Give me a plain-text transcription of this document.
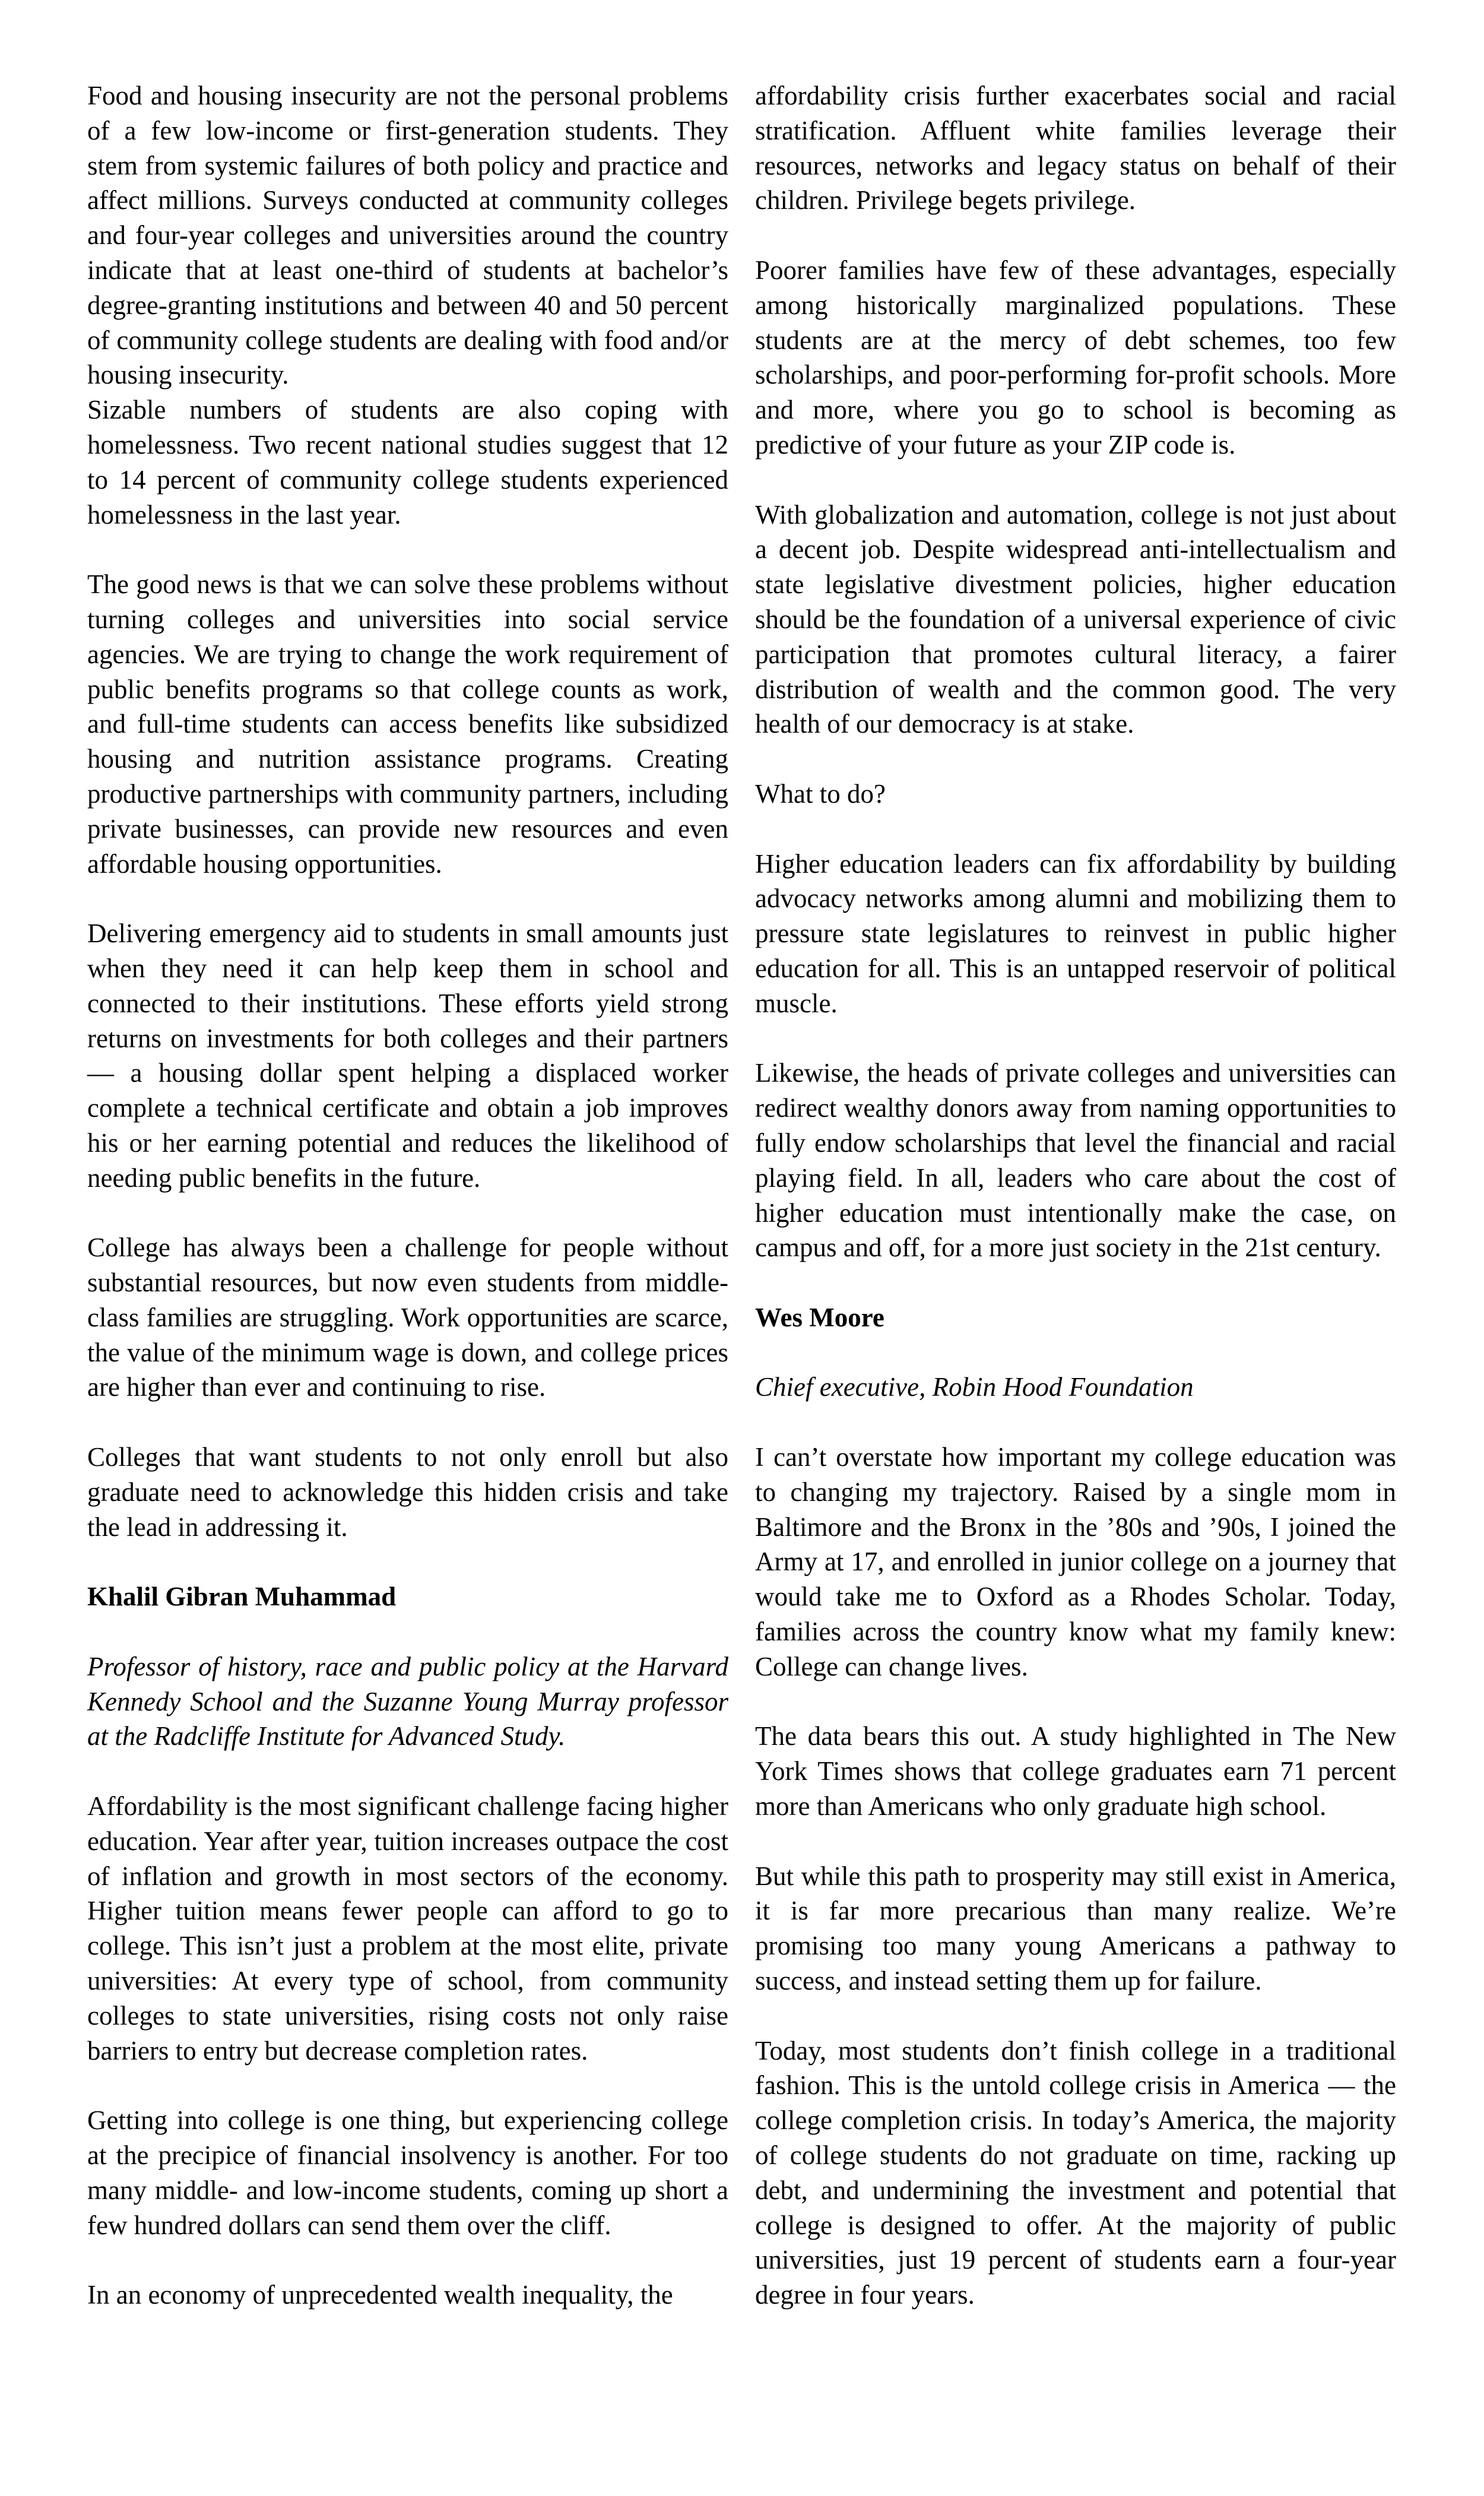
Food and housing insecurity are not the personal problems of a few low-income or first-generation students. They stem from systemic failures of both policy and practice and affect millions. Surveys conducted at community colleges and four-year colleges and universities around the country indicate that at least one-third of students at bachelor’s degree-granting institutions and between 40 and 50 percent of community college students are dealing with food and/or housing insecurity.

Sizable numbers of students are also coping with homelessness. Two recent national studies suggest that 12 to 14 percent of community college students experienced homelessness in the last year.

The good news is that we can solve these problems without turning colleges and universities into social service agencies. We are trying to change the work requirement of public benefits programs so that college counts as work, and full-time students can access benefits like subsidized housing and nutrition assistance programs. Creating productive partnerships with community partners, including private businesses, can provide new resources and even affordable housing opportunities.

Delivering emergency aid to students in small amounts just when they need it can help keep them in school and connected to their institutions. These efforts yield strong returns on investments for both colleges and their partners — a housing dollar spent helping a displaced worker complete a technical certificate and obtain a job improves his or her earning potential and reduces the likelihood of needing public benefits in the future.

College has always been a challenge for people without substantial resources, but now even students from middle-class families are struggling. Work opportunities are scarce, the value of the minimum wage is down, and college prices are higher than ever and continuing to rise.

Colleges that want students to not only enroll but also graduate need to acknowledge this hidden crisis and take the lead in addressing it.

Khalil Gibran Muhammad

Professor of history, race and public policy at the Harvard Kennedy School and the Suzanne Young Murray professor at the Radcliffe Institute for Advanced Study.

Affordability is the most significant challenge facing higher education. Year after year, tuition increases outpace the cost of inflation and growth in most sectors of the economy. Higher tuition means fewer people can afford to go to college. This isn’t just a problem at the most elite, private universities: At every type of school, from community colleges to state universities, rising costs not only raise barriers to entry but decrease completion rates.

Getting into college is one thing, but experiencing college at the precipice of financial insolvency is another. For too many middle- and low-income students, coming up short a few hundred dollars can send them over the cliff.

In an economy of unprecedented wealth inequality, the

affordability crisis further exacerbates social and racial stratification. Affluent white families leverage their resources, networks and legacy status on behalf of their children. Privilege begets privilege.

Poorer families have few of these advantages, especially among historically marginalized populations. These students are at the mercy of debt schemes, too few scholarships, and poor-performing for-profit schools. More and more, where you go to school is becoming as predictive of your future as your ZIP code is.

With globalization and automation, college is not just about a decent job. Despite widespread anti-intellectualism and state legislative divestment policies, higher education should be the foundation of a universal experience of civic participation that promotes cultural literacy, a fairer distribution of wealth and the common good. The very health of our democracy is at stake.

What to do?

Higher education leaders can fix affordability by building advocacy networks among alumni and mobilizing them to pressure state legislatures to reinvest in public higher education for all. This is an untapped reservoir of political muscle.

Likewise, the heads of private colleges and universities can redirect wealthy donors away from naming opportunities to fully endow scholarships that level the financial and racial playing field. In all, leaders who care about the cost of higher education must intentionally make the case, on campus and off, for a more just society in the 21st century.

Wes Moore

Chief executive, Robin Hood Foundation

I can’t overstate how important my college education was to changing my trajectory. Raised by a single mom in Baltimore and the Bronx in the ’80s and ’90s, I joined the Army at 17, and enrolled in junior college on a journey that would take me to Oxford as a Rhodes Scholar. Today, families across the country know what my family knew: College can change lives.

The data bears this out. A study highlighted in The New York Times shows that college graduates earn 71 percent more than Americans who only graduate high school.

But while this path to prosperity may still exist in America, it is far more precarious than many realize. We’re promising too many young Americans a pathway to success, and instead setting them up for failure.

Today, most students don’t finish college in a traditional fashion. This is the untold college crisis in America — the college completion crisis. In today’s America, the majority of college students do not graduate on time, racking up debt, and undermining the investment and potential that college is designed to offer. At the majority of public universities, just 19 percent of students earn a four-year degree in four years.
